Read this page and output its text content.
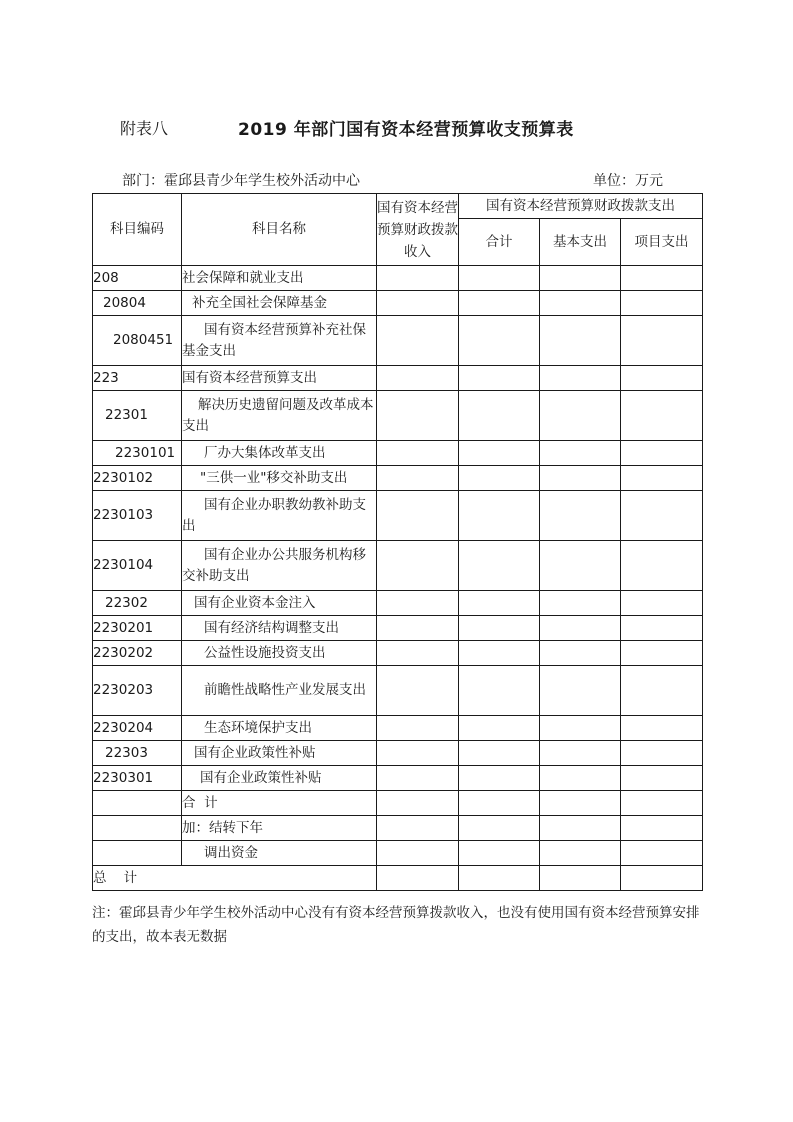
附表八	2019 年部门国有资本经营预算收支预算表
部门：霍邱县青少年学生校外活动中心	单位：万元
科目编码	科目名称	国有资本经营预算财政拨款收入	国有资本经营预算财政拨款支出		
			合计	基本支出	项目支出
208	社会保障和就业支出				
20804	补充全国社会保障基金				
2080451	国有资本经营预算补充社保基金支出				
223	国有资本经营预算支出				
22301	解决历史遗留问题及改革成本支出				
2230101	厂办大集体改革支出				
2230102	"三供一业"移交补助支出				
2230103	国有企业办职教幼教补助支出				
2230104	国有企业办公共服务机构移交补助支出				
22302	国有企业资本金注入				
2230201	国有经济结构调整支出				
2230202	公益性设施投资支出				
2230203	前瞻性战略性产业发展支出				
2230204	生态环境保护支出				
22303	国有企业政策性补贴				
2230301	国有企业政策性补贴				
	合  计				
	加：结转下年				
	调出资金				
总    计					
注：霍邱县青少年学生校外活动中心没有有资本经营预算拨款收入，也没有使用国有资本经营预算安排的支出，故本表无数据
